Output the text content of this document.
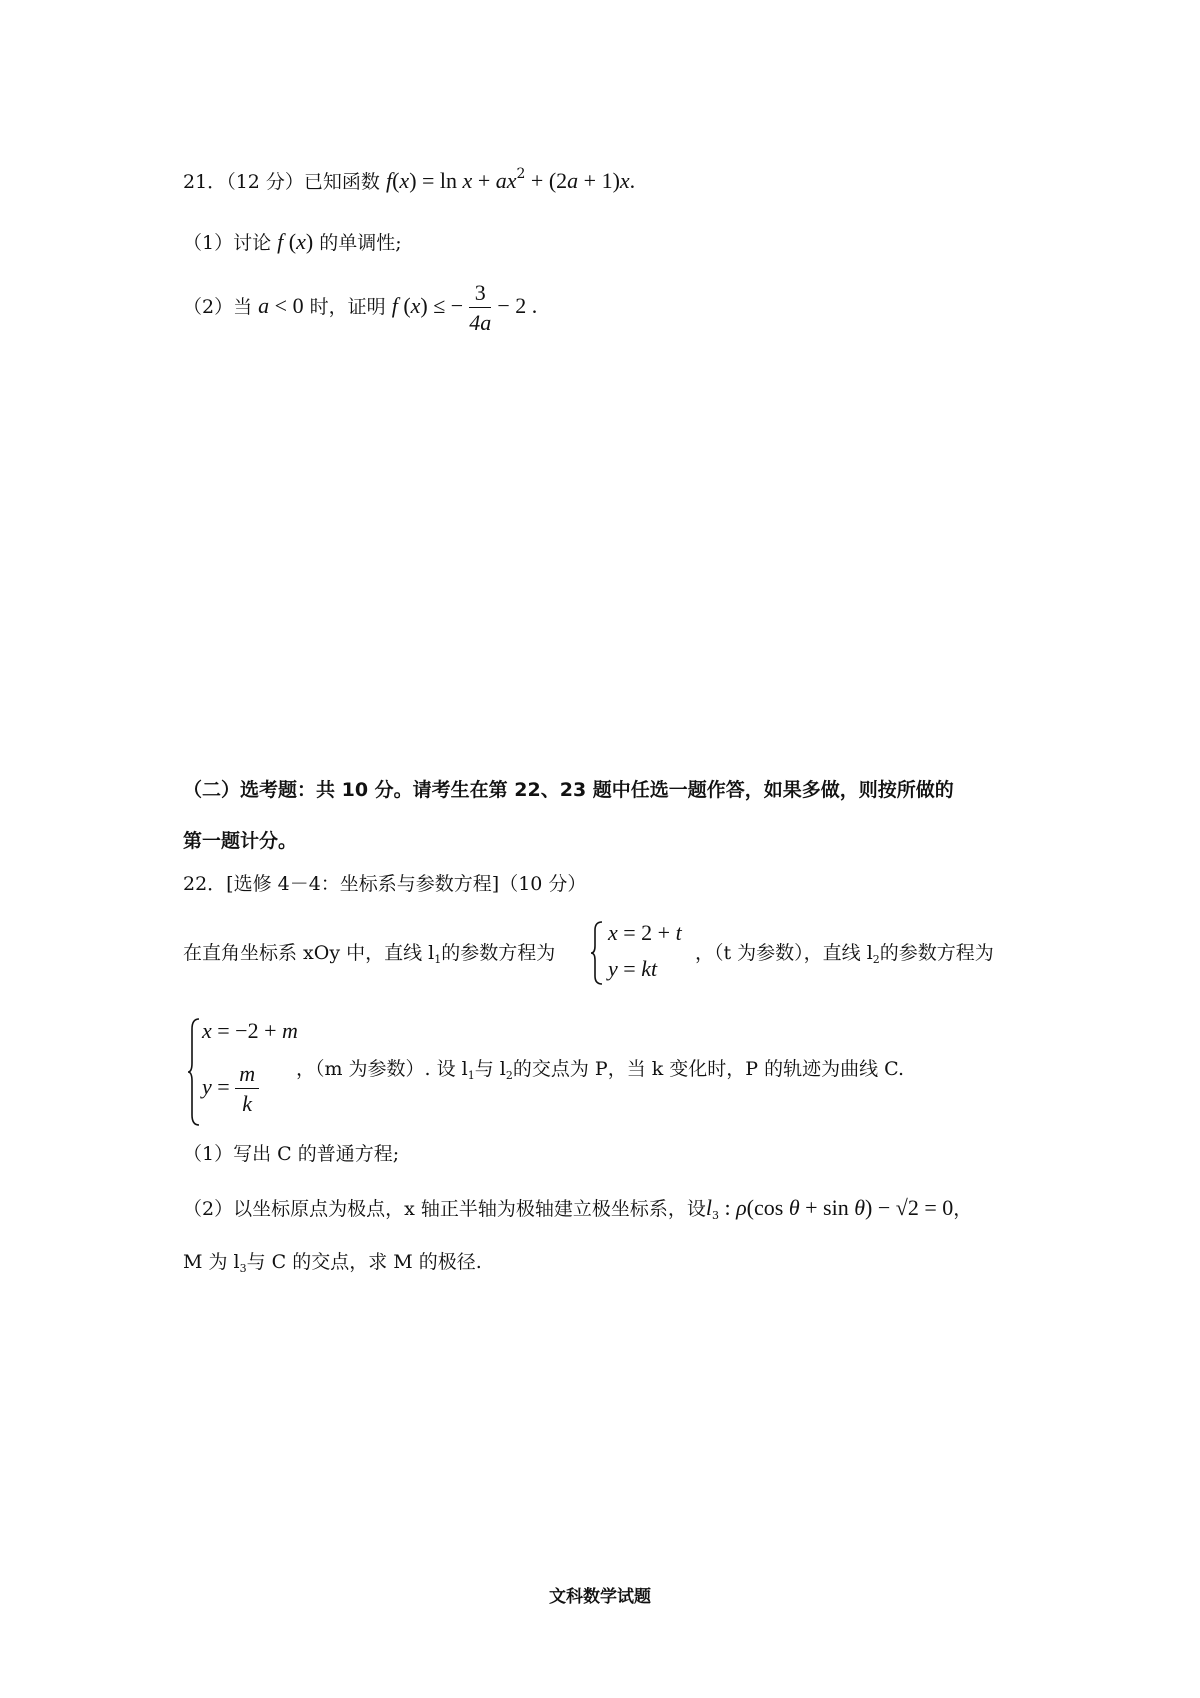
21．（12 分）已知函数 $f(x) = \ln x + ax^2 + (2a + 1)x$.
（1）讨论 f (x) 的单调性;
（2）当 a < 0 时，证明 f (x) ≤ − $\frac{3}{4a} - 2$ .
（二）选考题：共 10 分。请考生在第 22、23 题中任选一题作答，如果多做，则按所做的
第一题计分。
22．[选修 4－4：坐标系与参数方程]（10 分）
在直角坐标系 xOy 中，直线 $l_1$的参数方程为
x = 2 + t
y = kt
，（t 为参数），直线 $l_2$的参数方程为
x = −2 + m
$y = \frac{m}{k}$ ，（m 为参数）. 设 $l_1$与 $l_2$的交点为 P，当 k 变化时，P 的轨迹为曲线 C.
（1）写出 C 的普通方程;
（2）以坐标原点为极点，x 轴正半轴为极轴建立极坐标系，设$l_3$ : ρ(cos θ + sin θ) − √2 = 0，
M 为 $l_3$与 C 的交点，求 M 的极径.
文科数学试题
